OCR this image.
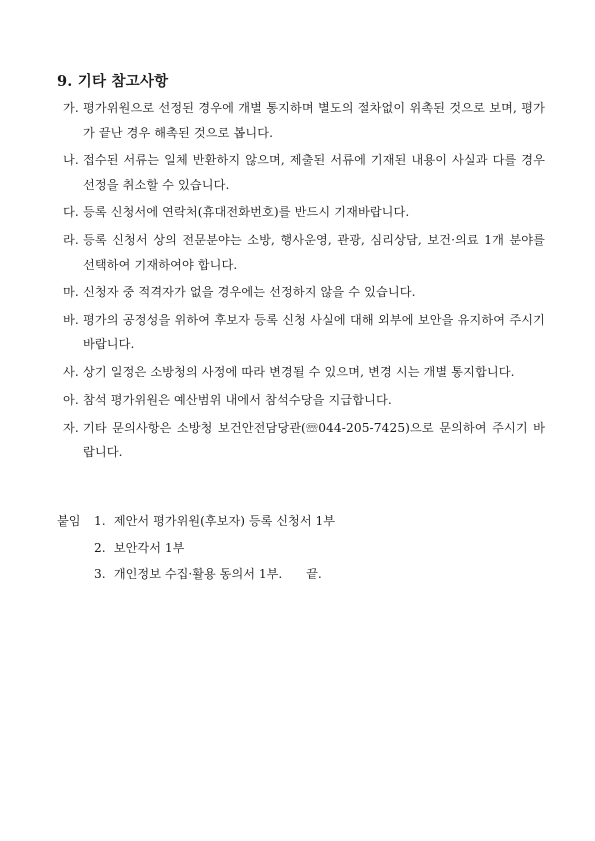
9. 기타 참고사항
가. 평가위원으로 선정된 경우에 개별 통지하며 별도의 절차없이 위촉된 것으로 보며, 평가가 끝난 경우 해촉된 것으로 봅니다.
나. 접수된 서류는 일체 반환하지 않으며, 제출된 서류에 기재된 내용이 사실과 다를 경우 선정을 취소할 수 있습니다.
다. 등록 신청서에 연락처(휴대전화번호)를 반드시 기재바랍니다.
라. 등록 신청서 상의 전문분야는 소방, 행사운영, 관광, 심리상담, 보건·의료 1개 분야를 선택하여 기재하여야 합니다.
마. 신청자 중 적격자가 없을 경우에는 선정하지 않을 수 있습니다.
바. 평가의 공정성을 위하여 후보자 등록 신청 사실에 대해 외부에 보안을 유지하여 주시기 바랍니다.
사. 상기 일정은 소방청의 사정에 따라 변경될 수 있으며, 변경 시는 개별 통지합니다.
아. 참석 평가위원은 예산범위 내에서 참석수당을 지급합니다.
자. 기타 문의사항은 소방청 보건안전담당관(☏044-205-7425)으로 문의하여 주시기 바랍니다.
붙임 1. 제안서 평가위원(후보자) 등록 신청서 1부
2. 보안각서 1부
3. 개인정보 수집·활용 동의서 1부. 끝.
